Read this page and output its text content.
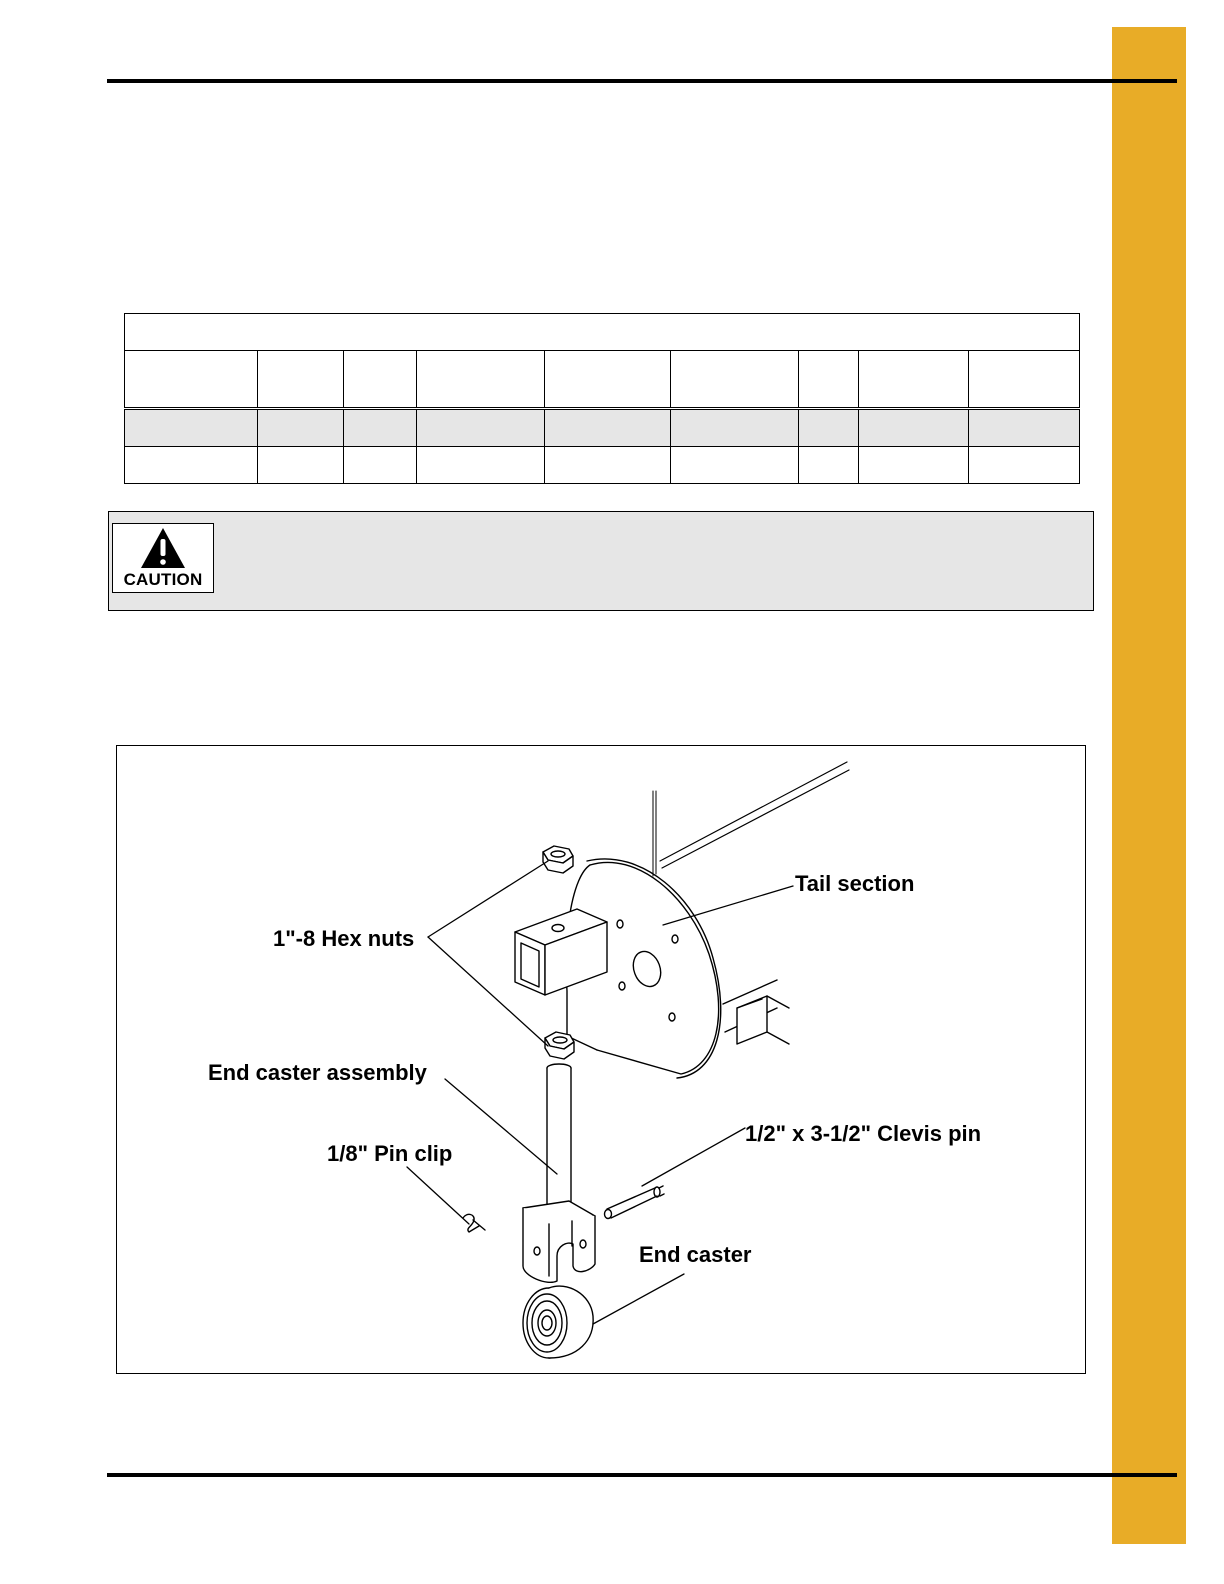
CAUTION
Tail section
1"-8 Hex nuts
End caster assembly
1/8" Pin clip
1/2" x 3-1/2" Clevis pin
End caster
